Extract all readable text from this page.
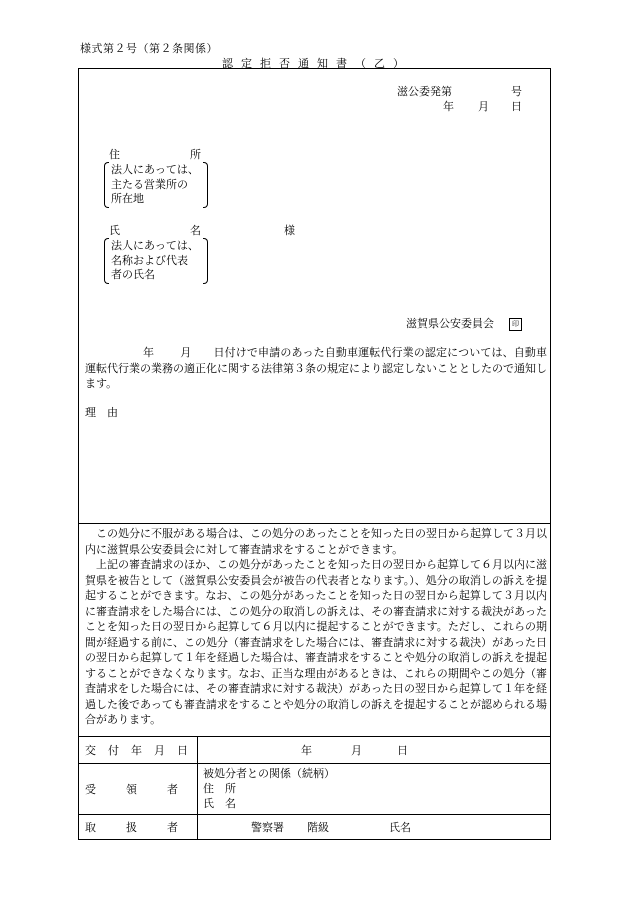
様式第２号（第２条関係）
認定拒否通知書（乙）
滋公委発第	号
年 月 日
住	所
法人にあっては、
主たる営業所の
所在地
氏	名	様
法人にあっては、
名称および代表
者の氏名
滋賀県公安委員会	印
年 月 日付けで申請のあった自動車運転代行業の認定については、自動車運転代行業の業務の適正化に関する法律第３条の規定により認定しないこととしたので通知します。
理　由
この処分に不服がある場合は、この処分のあったことを知った日の翌日から起算して３月以内に滋賀県公安委員会に対して審査請求をすることができます。
上記の審査請求のほか、この処分があったことを知った日の翌日から起算して６月以内に滋賀県を被告として（滋賀県公安委員会が被告の代表者となります。）、処分の取消しの訴えを提起することができます。なお、この処分があったことを知った日の翌日から起算して３月以内に審査請求をした場合には、この処分の取消しの訴えは、その審査請求に対する裁決があったことを知った日の翌日から起算して６月以内に提起することができます。ただし、これらの期間が経過する前に、この処分（審査請求をした場合には、審査請求に対する裁決）があった日の翌日から起算して１年を経過した場合は、審査請求をすることや処分の取消しの訴えを提起することができなくなります。なお、正当な理由があるときは、これらの期間やこの処分（審査請求をした場合には、その審査請求に対する裁決）があった日の翌日から起算して１年を経過した後であっても審査請求をすることや処分の取消しの訴えを提起することが認められる場合があります。
交付年月日	年	月	日
受領者
被処分者との関係（続柄）
住　所
氏　名
取扱者	警察署 階級	氏名
